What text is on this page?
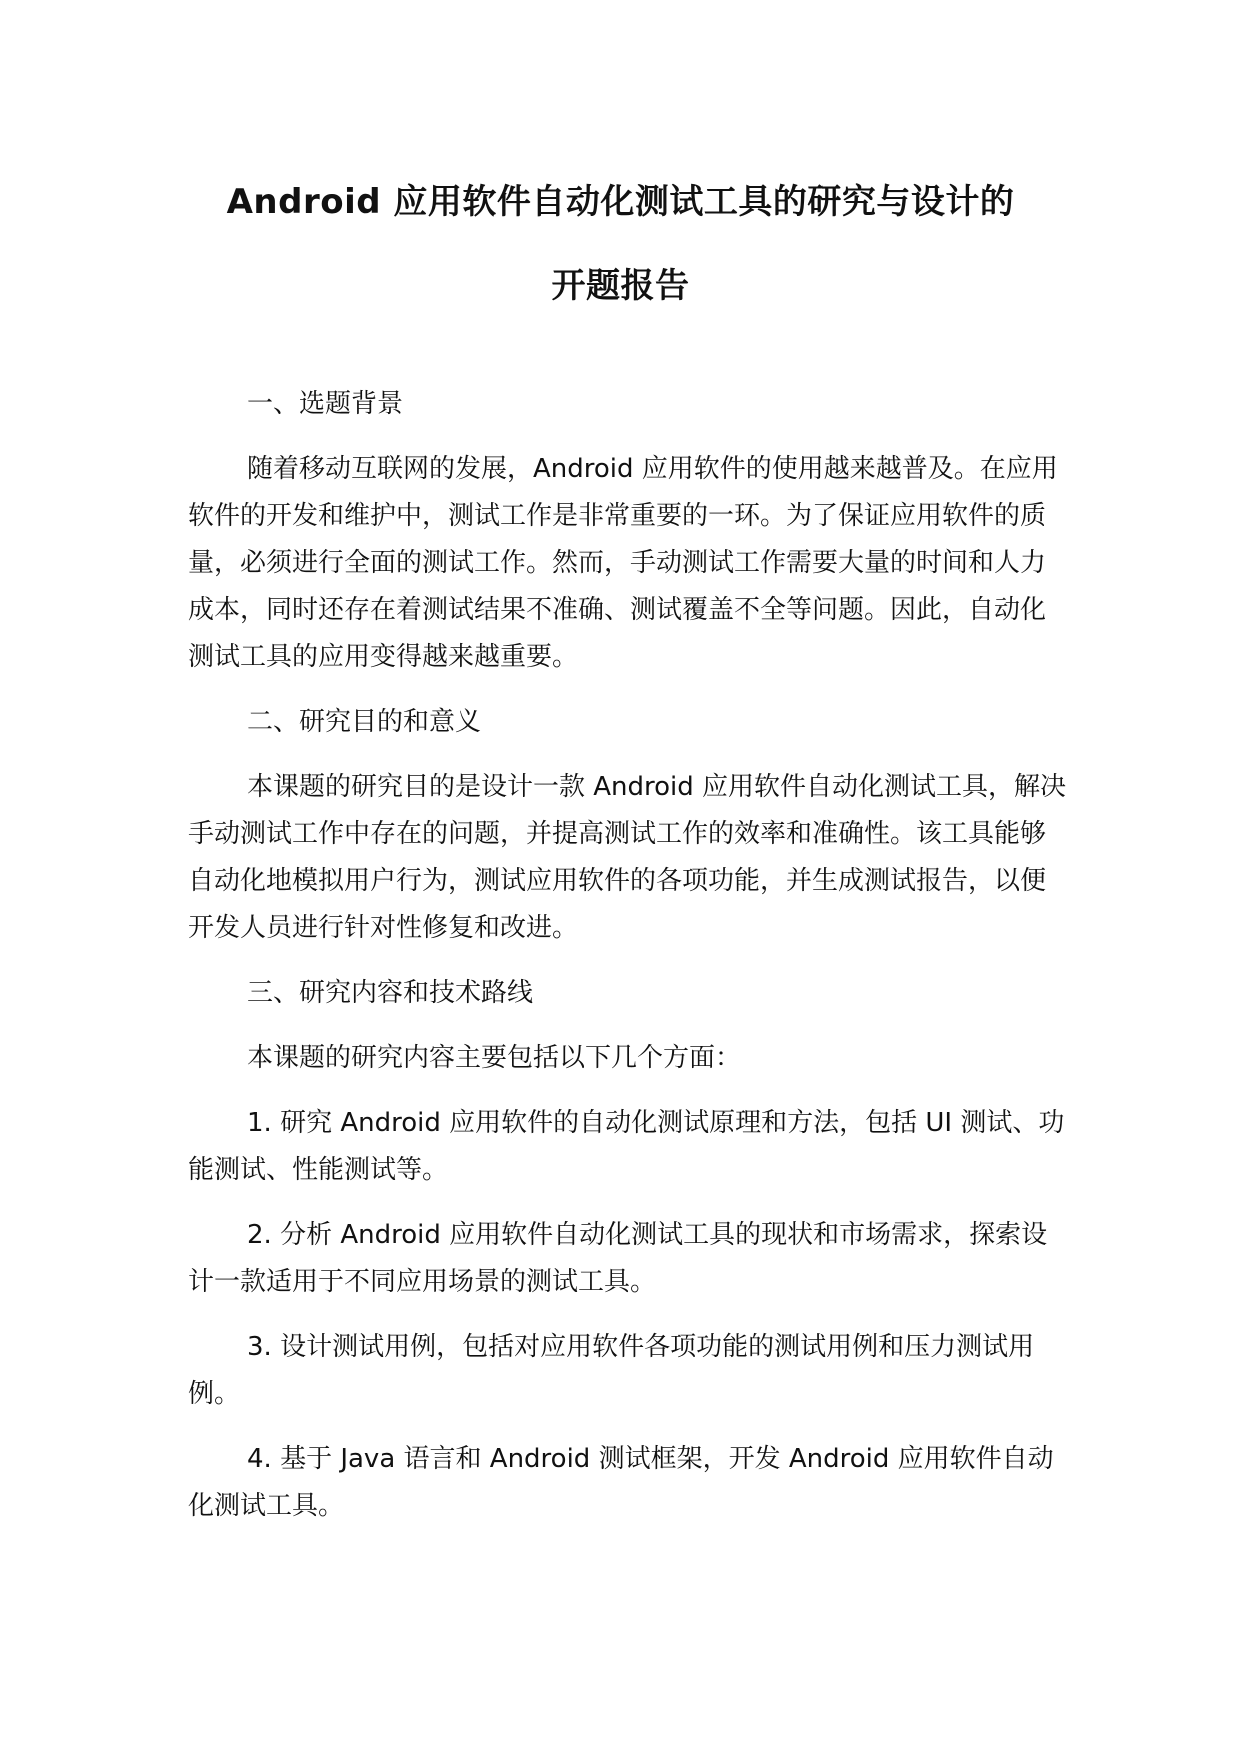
Android 应用软件自动化测试工具的研究与设计的
开题报告

一、选题背景

随着移动互联网的发展，Android 应用软件的使用越来越普及。在应用软件的开发和维护中，测试工作是非常重要的一环。为了保证应用软件的质量，必须进行全面的测试工作。然而，手动测试工作需要大量的时间和人力成本，同时还存在着测试结果不准确、测试覆盖不全等问题。因此，自动化测试工具的应用变得越来越重要。

二、研究目的和意义

本课题的研究目的是设计一款 Android 应用软件自动化测试工具，解决手动测试工作中存在的问题，并提高测试工作的效率和准确性。该工具能够自动化地模拟用户行为，测试应用软件的各项功能，并生成测试报告，以便开发人员进行针对性修复和改进。

三、研究内容和技术路线

本课题的研究内容主要包括以下几个方面：

1. 研究 Android 应用软件的自动化测试原理和方法，包括 UI 测试、功能测试、性能测试等。

2. 分析 Android 应用软件自动化测试工具的现状和市场需求，探索设计一款适用于不同应用场景的测试工具。

3. 设计测试用例，包括对应用软件各项功能的测试用例和压力测试用例。

4. 基于 Java 语言和 Android 测试框架，开发 Android 应用软件自动化测试工具。
